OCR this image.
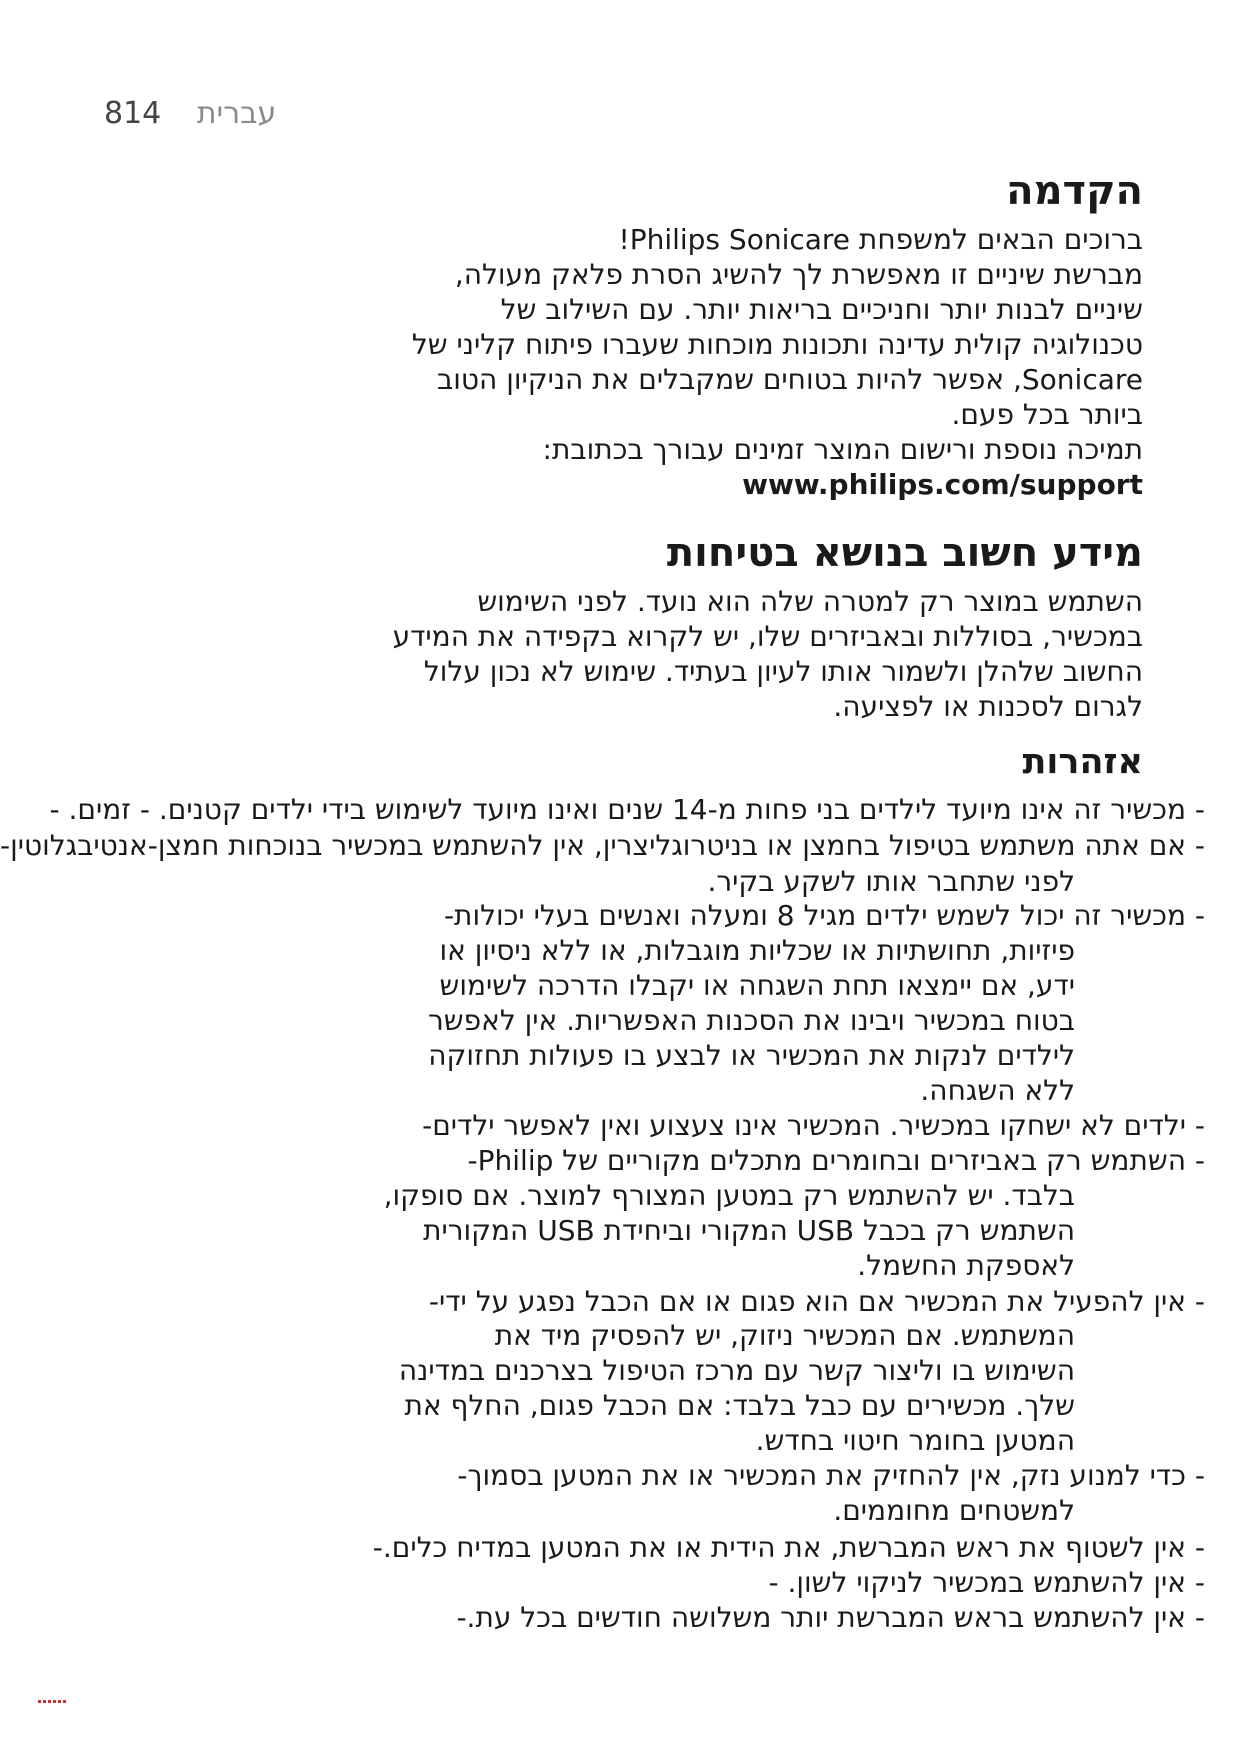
814 עברית
הקדמה
ברוכים הבאים למשפחת Philips Sonicare!
מברשת שיניים זו מאפשרת לך להשיג הסרת פלאק מעולה,
שיניים לבנות יותר וחניכיים בריאות יותר. עם השילוב של
טכנולוגיה קולית עדינה ותכונות מוכחות שעברו פיתוח קליני של
Sonicare, אפשר להיות בטוחים שמקבלים את הניקיון הטוב
ביותר בכל פעם.
תמיכה נוספת ורישום המוצר זמינים עבורך בכתובת:
www.philips.com/support
מידע חשוב בנושא בטיחות
השתמש במוצר רק למטרה שלה הוא נועד. לפני השימוש
במכשיר, בסוללות ובאביזרים שלו, יש לקרוא בקפידה את המידע
החשוב שלהלן ולשמור אותו לעיון בעתיד. שימוש לא נכון עלול
לגרום לסכנות או לפציעה.
אזהרות
- מכשיר זה אינו מיועד לילדים בני פחות מ-14 שנים ואינו מיועד לשימוש בידי ילדים קטנים. - זמים. -
- אם אתה משתמש בטיפול בחמצן או בניטרוגליצרין, אין להשתמש במכשיר בנוכחות חמצן-אנטיבגלוטין-
- מכשיר זה יכול לשמש ילדים מגיל 8 ומעלה ואנשים בעלי יכולות-
- ילדים לא ישחקו במכשיר. המכשיר אינו צעצוע ואין לאפשר ילדים-
- השתמש רק באביזרים ובחומרים מתכלים מקוריים של Philip-
- אין להפעיל את המכשיר אם הוא פגום או אם הכבל נפגע על ידי-
- כדי למנוע נזק, אין להחזיק את המכשיר או את המטען בסמוך-
- אין לשטוף את ראש המברשת, את הידית או את המטען במדיח כלים.-
- אין להשתמש במכשיר לניקוי לשון. -
- אין להשתמש בראש המברשת יותר משלושה חודשים בכל עת.-
לפני שתחבר אותו לשקע בקיר.
פיזיות, תחושתיות או שכליות מוגבלות, או ללא ניסיון או
ידע, אם יימצאו תחת השגחה או יקבלו הדרכה לשימוש
בטוח במכשיר ויבינו את הסכנות האפשריות. אין לאפשר
לילדים לנקות את המכשיר או לבצע בו פעולות תחזוקה
ללא השגחה.
בלבד. יש להשתמש רק במטען המצורף למוצר. אם סופקו,
השתמש רק בכבל USB המקורי וביחידת USB המקורית
לאספקת החשמל.
המשתמש. אם המכשיר ניזוק, יש להפסיק מיד את
השימוש בו וליצור קשר עם מרכז הטיפול בצרכנים במדינה
שלך. מכשירים עם כבל בלבד: אם הכבל פגום, החלף את
המטען בחומר חיטוי בחדש.
למשטחים מחוממים.
